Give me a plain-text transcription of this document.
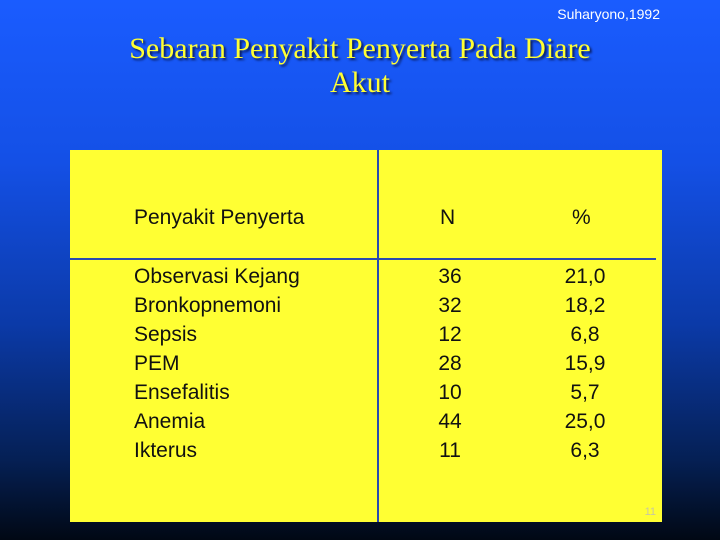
Suharyono,1992
Sebaran Penyakit Penyerta Pada Diare
Akut
Penyakit Penyerta	N	%
Observasi Kejang
Bronkopnemoni
Sepsis
PEM
Ensefalitis
Anemia
Ikterus
36
32
12
28
10
44
11
21,0
18,2
6,8
15,9
5,7
25,0
6,3
11
